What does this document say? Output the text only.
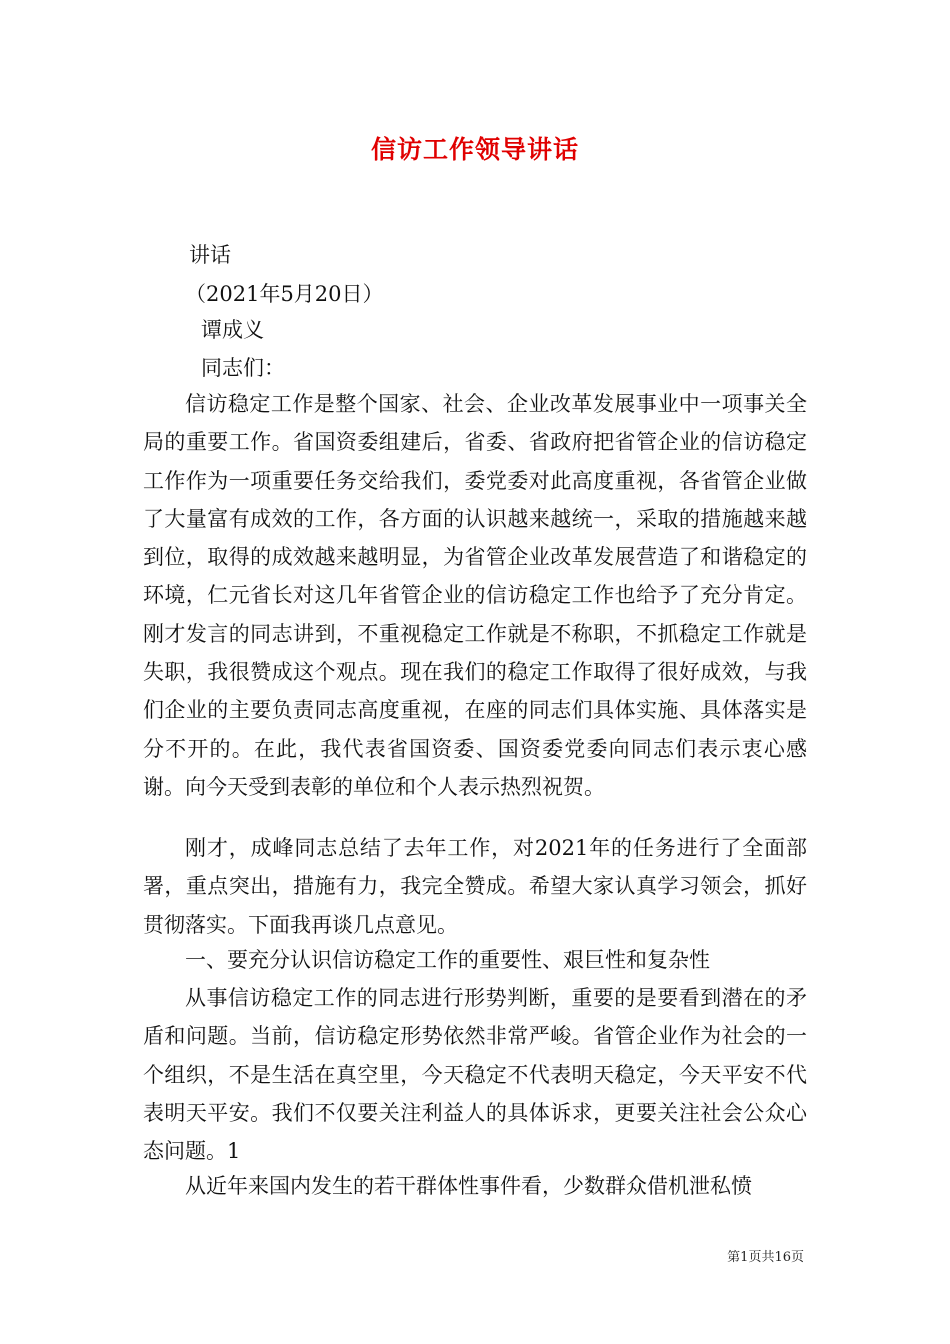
信访工作领导讲话
讲话
（2021年5月20日）
谭成义
同志们：
信访稳定工作是整个国家、社会、企业改革发展事业中一项事关全局的重要工作。省国资委组建后，省委、省政府把省管企业的信访稳定工作作为一项重要任务交给我们，委党委对此高度重视，各省管企业做了大量富有成效的工作，各方面的认识越来越统一，采取的措施越来越到位，取得的成效越来越明显，为省管企业改革发展营造了和谐稳定的环境，仁元省长对这几年省管企业的信访稳定工作也给予了充分肯定。刚才发言的同志讲到，不重视稳定工作就是不称职，不抓稳定工作就是失职，我很赞成这个观点。现在我们的稳定工作取得了很好成效，与我们企业的主要负责同志高度重视，在座的同志们具体实施、具体落实是分不开的。在此，我代表省国资委、国资委党委向同志们表示衷心感谢。向今天受到表彰的单位和个人表示热烈祝贺。
刚才，成峰同志总结了去年工作，对2021年的任务进行了全面部署，重点突出，措施有力，我完全赞成。希望大家认真学习领会，抓好贯彻落实。下面我再谈几点意见。
一、要充分认识信访稳定工作的重要性、艰巨性和复杂性
从事信访稳定工作的同志进行形势判断，重要的是要看到潜在的矛盾和问题。当前，信访稳定形势依然非常严峻。省管企业作为社会的一个组织，不是生活在真空里，今天稳定不代表明天稳定，今天平安不代表明天平安。我们不仅要关注利益人的具体诉求，更要关注社会公众心态问题。1
从近年来国内发生的若干群体性事件看，少数群众借机泄私愤
第1页共16页
